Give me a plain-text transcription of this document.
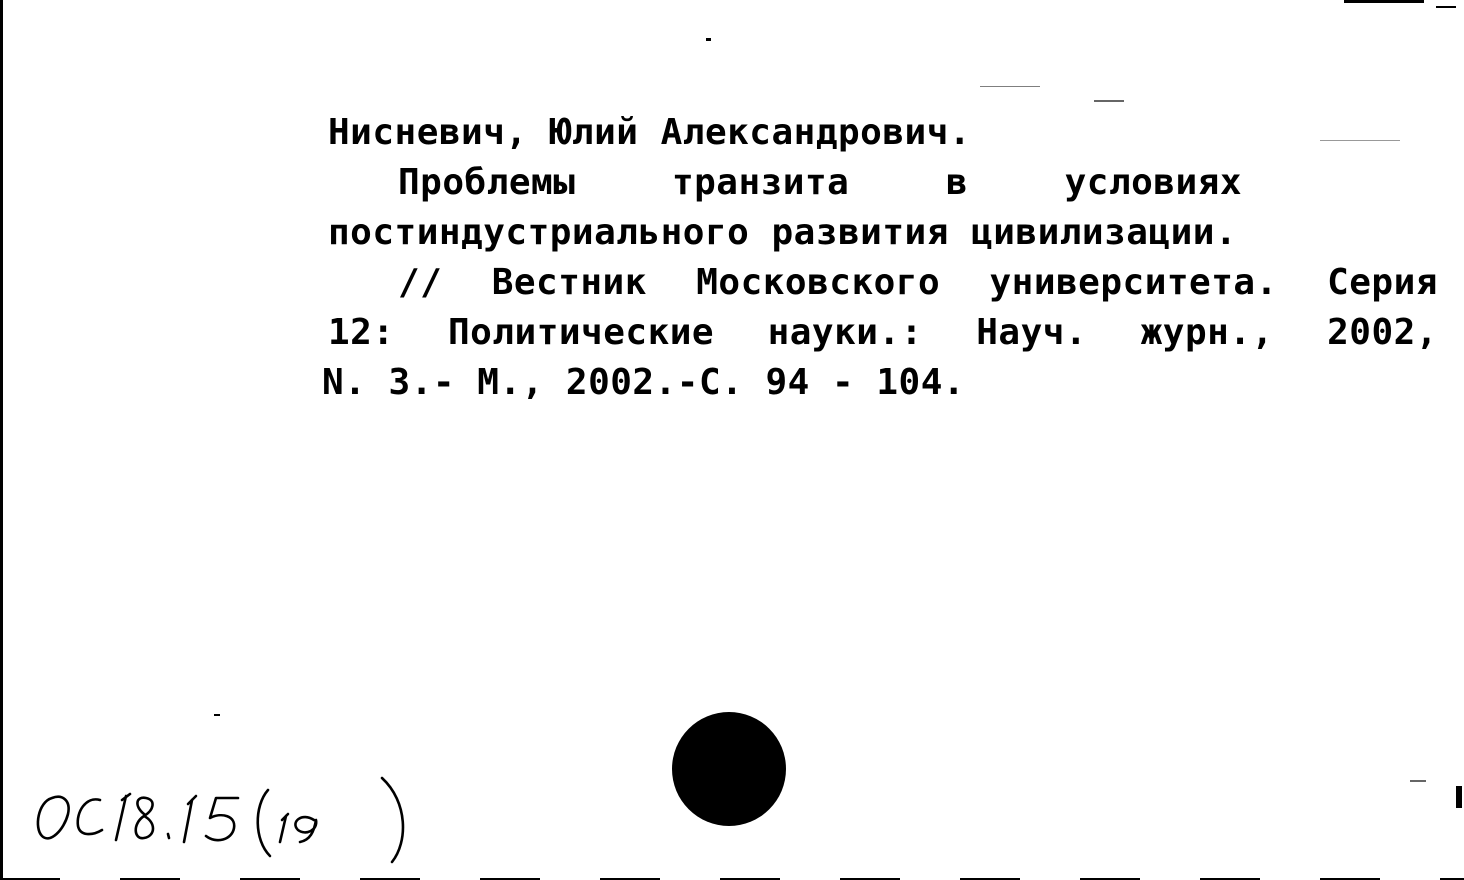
Нисневич, Юлий Александрович.
Проблемы	транзита	в	условиях
постиндустриального развития цивилизации.
// Вестник Московского университета. Серия
12: Политические науки.: Науч. журн., 2002,
N. 3.- М., 2002.-С. 94 - 104.
